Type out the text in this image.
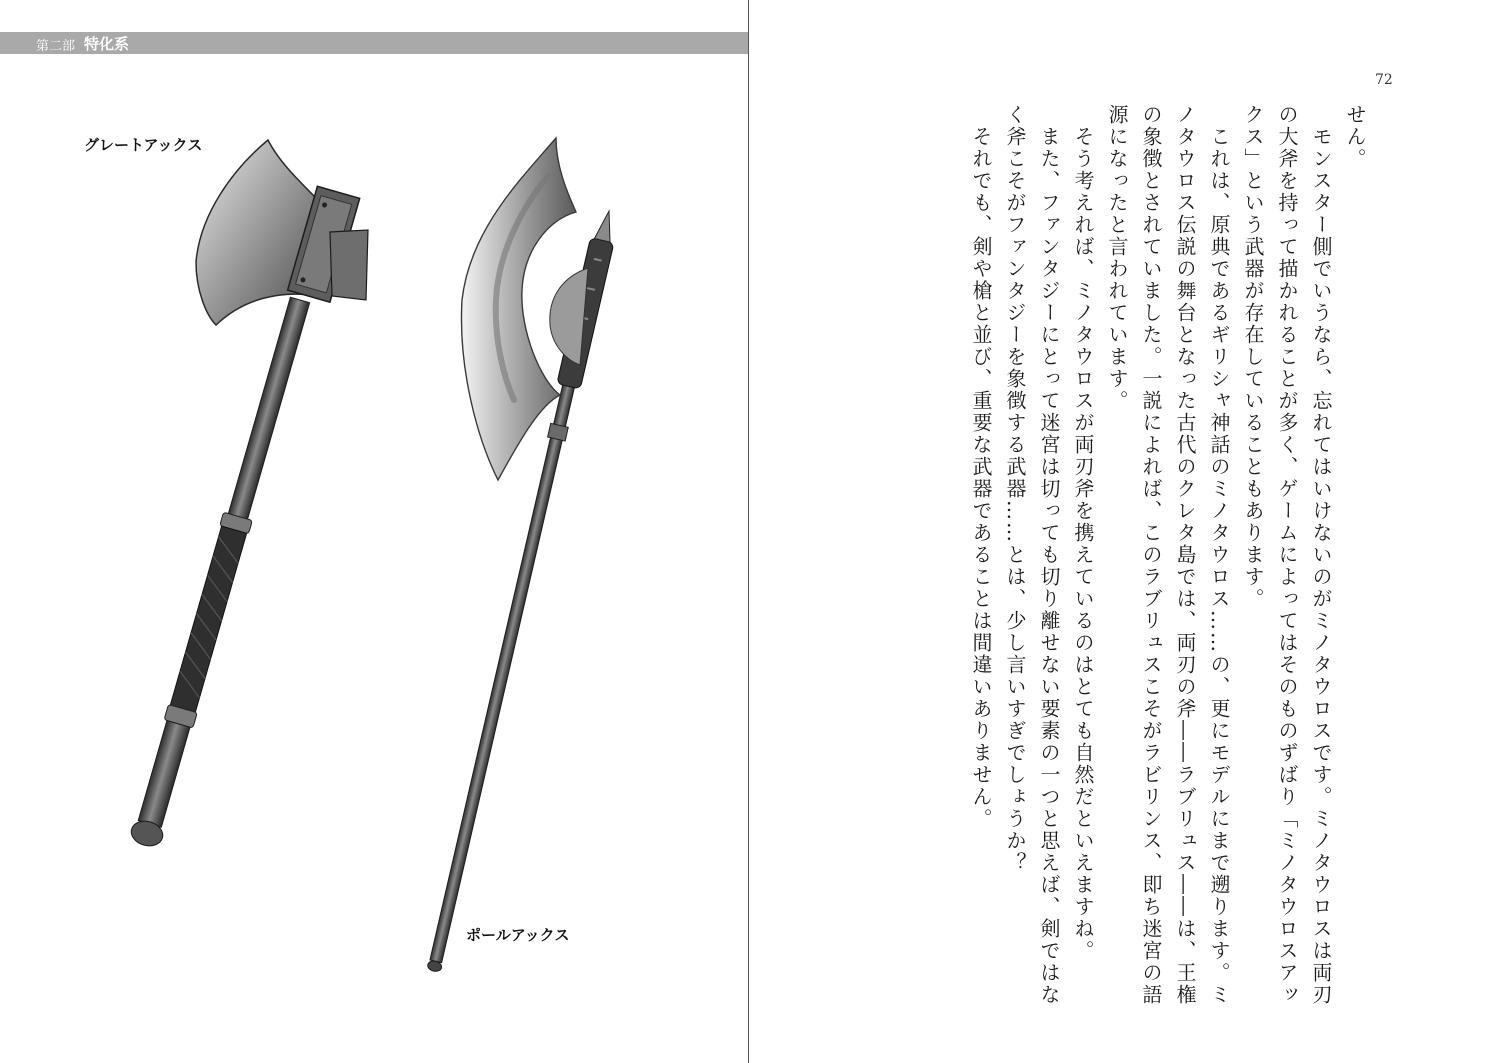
第二部 特化系
グレートアックス
ポールアックス
72
せん。
　モンスター側でいうなら、忘れてはいけないのがミノタウロスです。ミノタウロスは両刃
の大斧を持って描かれることが多く、ゲームによってはそのものずばり「ミノタウロスアッ
クス」という武器が存在していることもあります。
　これは、原典であるギリシャ神話のミノタウロス……の、更にモデルにまで遡ります。ミ
ノタウロス伝説の舞台となった古代のクレタ島では、両刃の斧――ラブリュス――は、王権
の象徴とされていました。一説によれば、このラブリュスこそがラビリンス、即ち迷宮の語
源になったと言われています。
　そう考えれば、ミノタウロスが両刃斧を携えているのはとても自然だといえますね。
　また、ファンタジーにとって迷宮は切っても切り離せない要素の一つと思えば、剣ではな
く斧こそがファンタジーを象徴する武器……とは、少し言いすぎでしょうか？
　それでも、剣や槍と並び、重要な武器であることは間違いありません。
